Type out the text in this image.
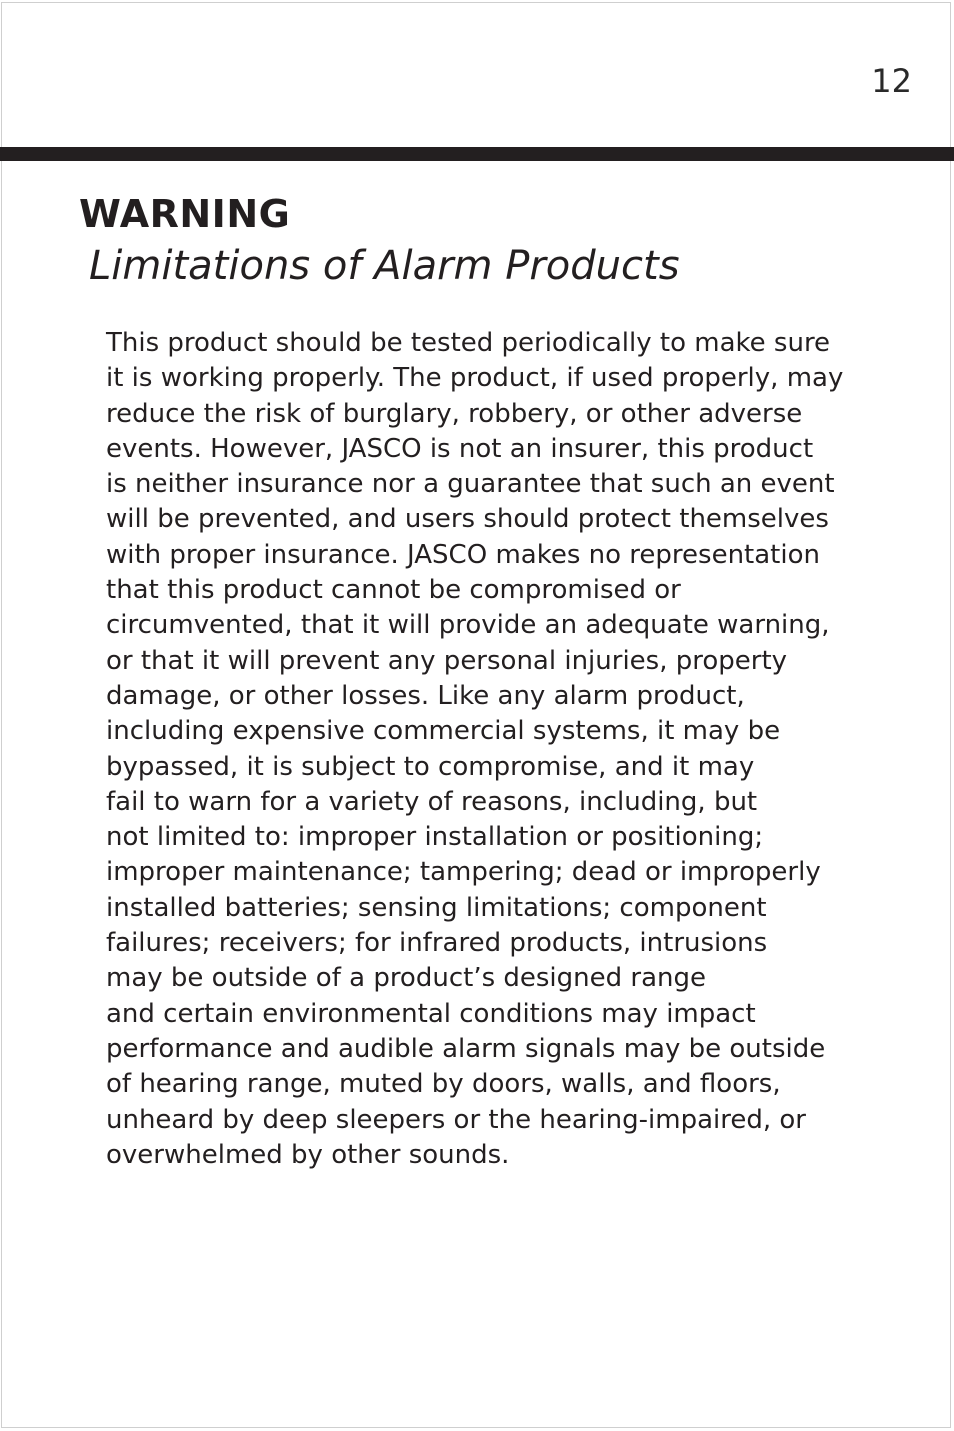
12
WARNING
Limitations of Alarm Products

This product should be tested periodically to make sure
it is working properly. The product, if used properly, may
reduce the risk of burglary, robbery, or other adverse
events. However, JASCO is not an insurer, this product
is neither insurance nor a guarantee that such an event
will be prevented, and users should protect themselves
with proper insurance. JASCO makes no representation
that this product cannot be compromised or
circumvented, that it will provide an adequate warning,
or that it will prevent any personal injuries, property
damage, or other losses. Like any alarm product,
including expensive commercial systems, it may be
bypassed, it is subject to compromise, and it may
fail to warn for a variety of reasons, including, but
not limited to: improper installation or positioning;
improper maintenance; tampering; dead or improperly
installed batteries; sensing limitations; component
failures; receivers; for infrared products, intrusions
may be outside of a product’s designed range
and certain environmental conditions may impact
performance and audible alarm signals may be outside
of hearing range, muted by doors, walls, and floors,
unheard by deep sleepers or the hearing-impaired, or
overwhelmed by other sounds.
